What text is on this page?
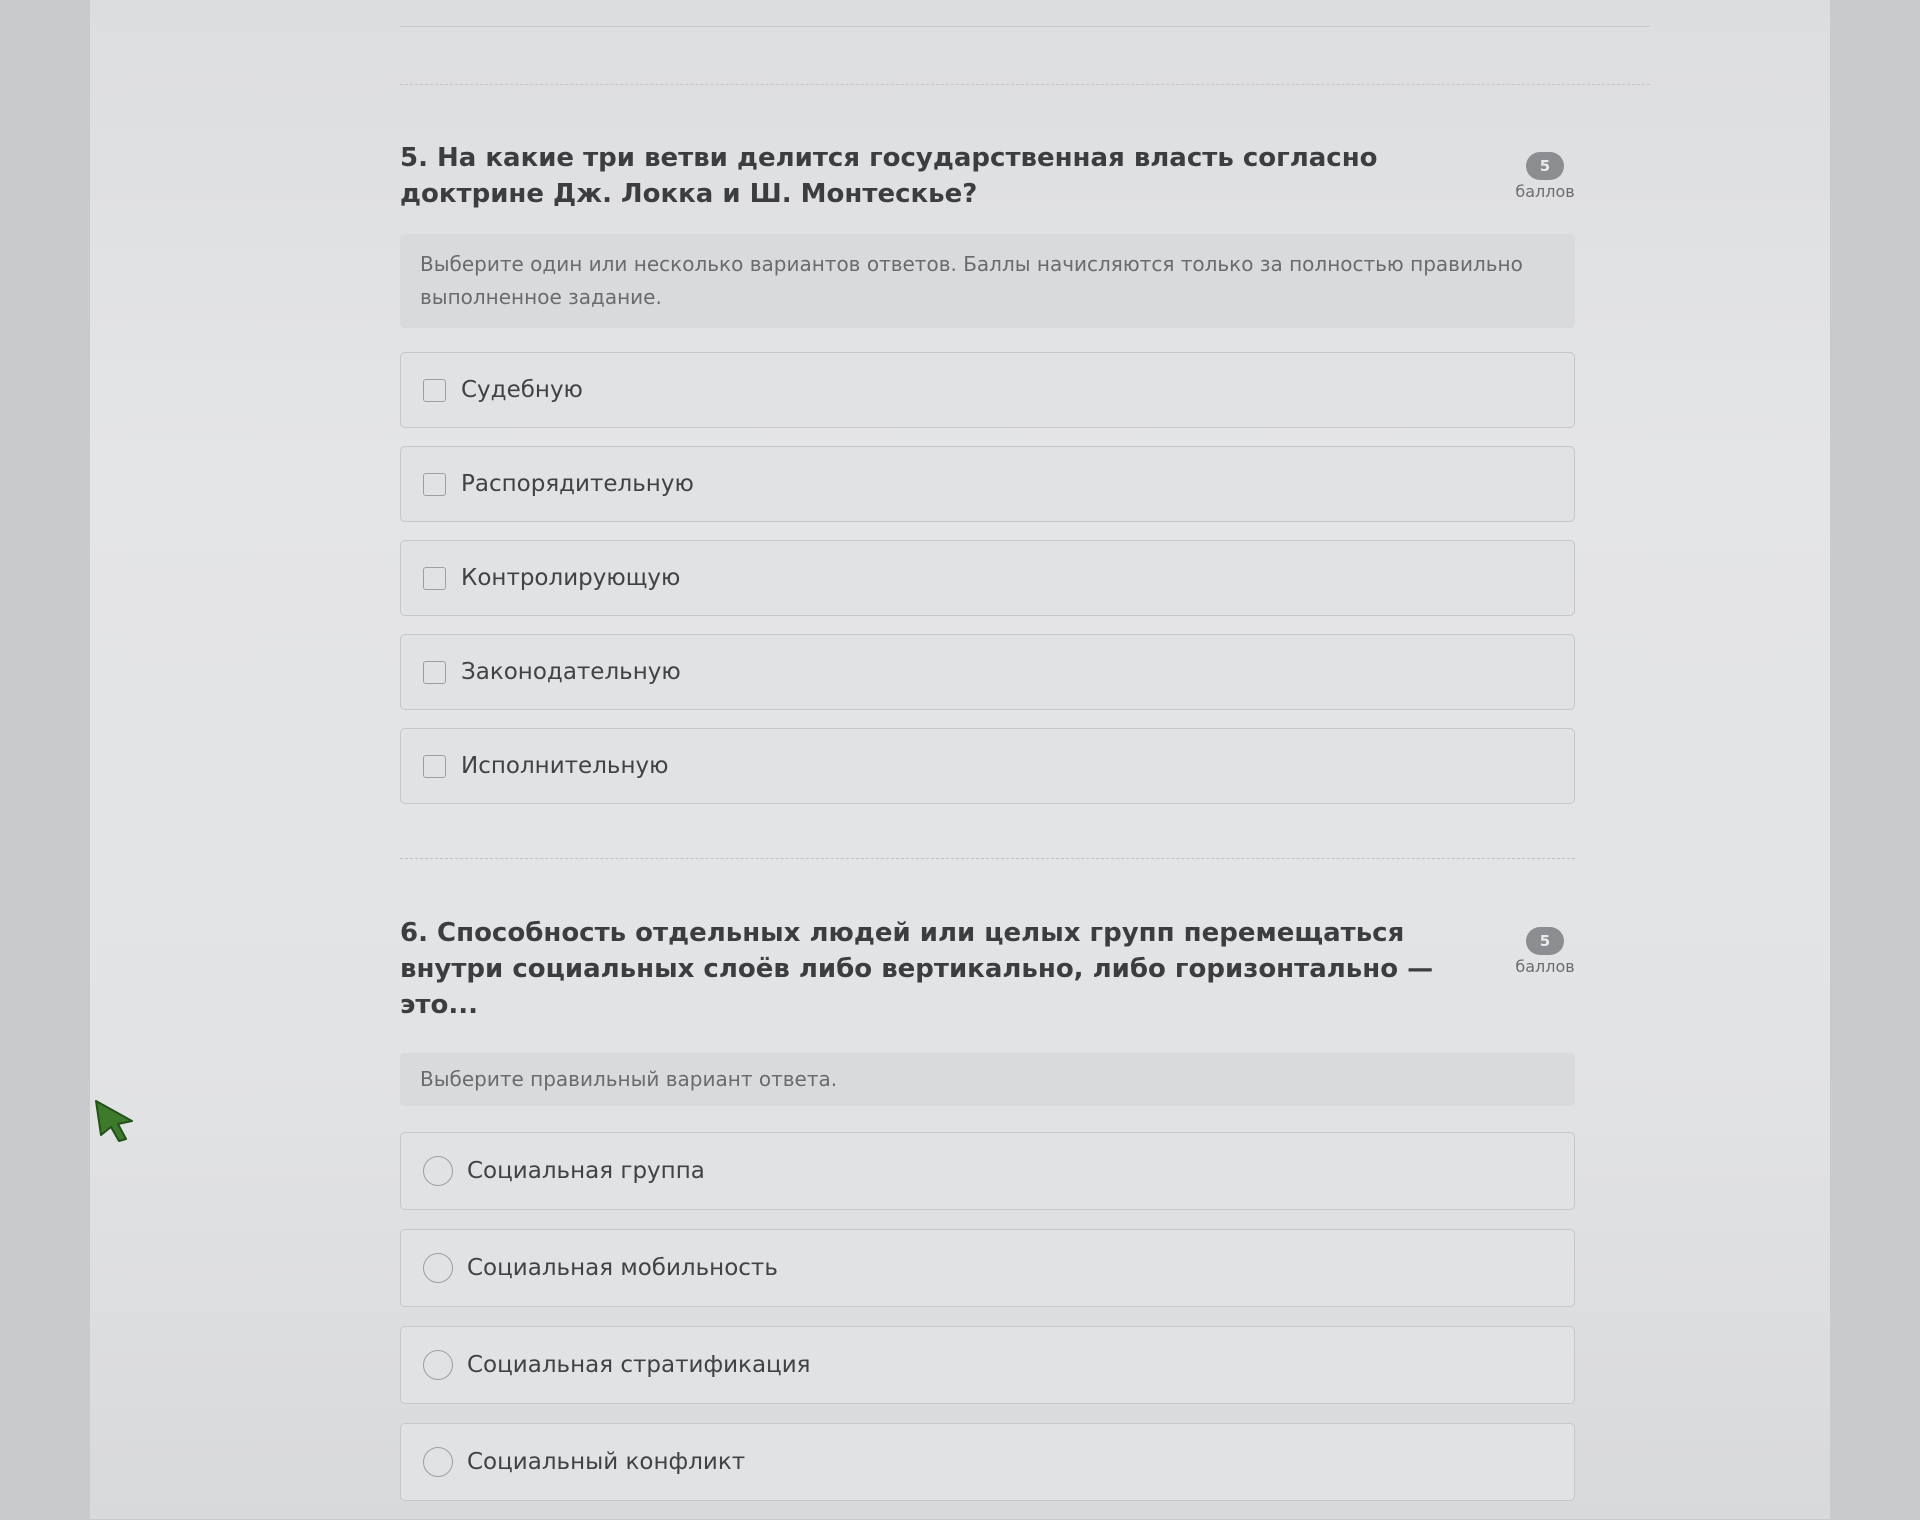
5. На какие три ветви делится государственная власть согласно доктрине Дж. Локка и Ш. Монтескье?
5
баллов
Выберите один или несколько вариантов ответов. Баллы начисляются только за полностью правильно выполненное задание.
Судебную
Распорядительную
Контролирующую
Законодательную
Исполнительную
6. Способность отдельных людей или целых групп перемещаться внутри социальных слоёв либо вертикально, либо горизонтально — это...
5
баллов
Выберите правильный вариант ответа.
Социальная группа
Социальная мобильность
Социальная стратификация
Социальный конфликт
